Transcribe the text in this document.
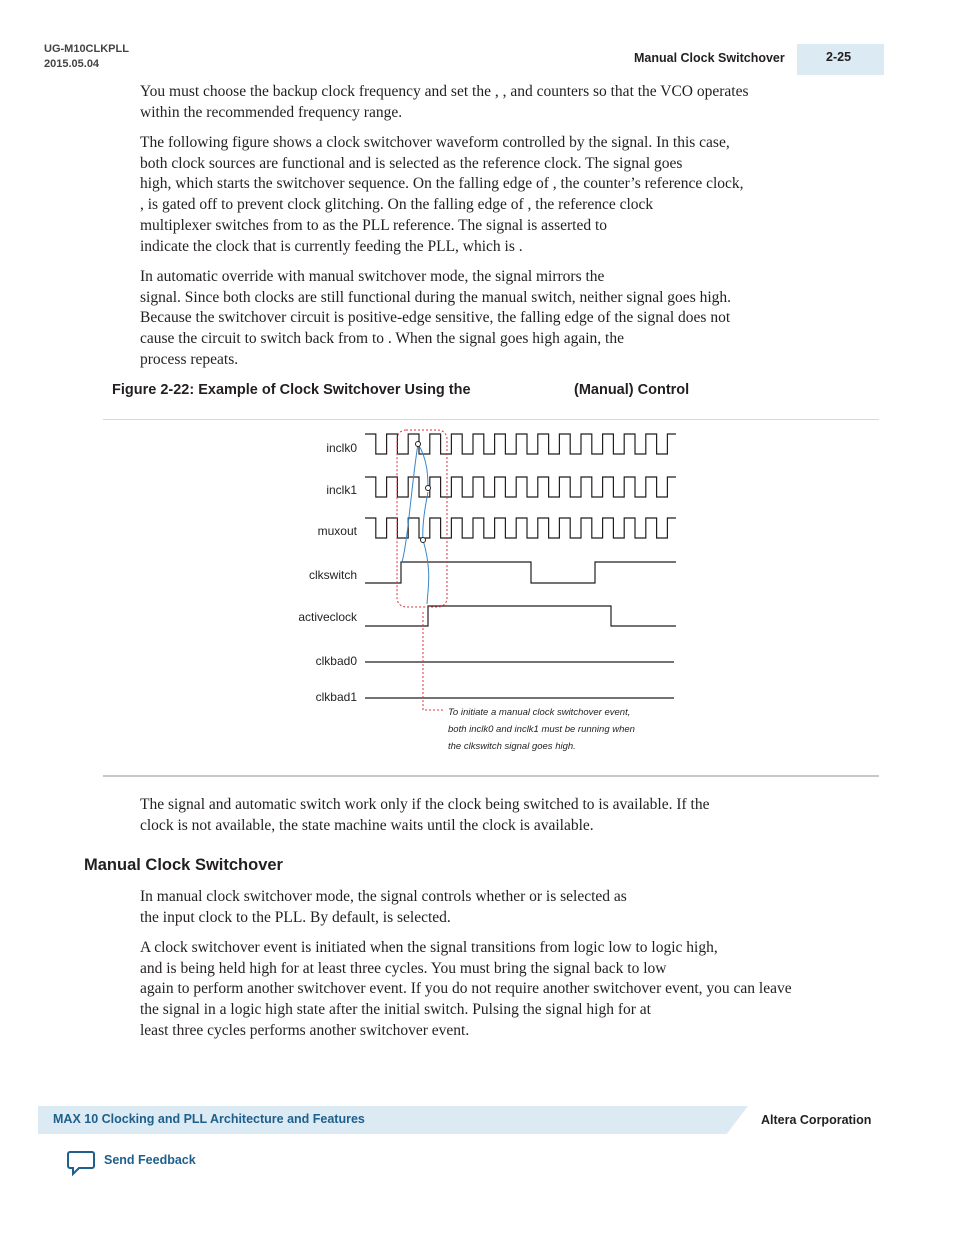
UG-M10CLKPLL
2015.05.04	Manual Clock Switchover	2-25
You must choose the backup clock frequency and set the , , and counters so that the VCO operates
within the recommended frequency range.
The following figure shows a clock switchover waveform controlled by the signal. In this case,
both clock sources are functional and is selected as the reference clock. The signal goes
high, which starts the switchover sequence. On the falling edge of , the counter’s reference clock,
, is gated off to prevent clock glitching. On the falling edge of , the reference clock
multiplexer switches from to as the PLL reference. The signal is asserted to
indicate the clock that is currently feeding the PLL, which is .
In automatic override with manual switchover mode, the signal mirrors the
signal. Since both clocks are still functional during the manual switch, neither signal goes high.
Because the switchover circuit is positive-edge sensitive, the falling edge of the signal does not
cause the circuit to switch back from to . When the signal goes high again, the
process repeats.
Figure 2-22: Example of Clock Switchover Using the	(Manual) Control
inclk0
inclk1
muxout
clkswitch
activeclock
clkbad0
clkbad1
To initiate a manual clock switchover event,
both inclk0 and inclk1 must be running when
the clkswitch signal goes high.
The signal and automatic switch work only if the clock being switched to is available. If the
clock is not available, the state machine waits until the clock is available.
Manual Clock Switchover
In manual clock switchover mode, the signal controls whether or is selected as
the input clock to the PLL. By default, is selected.
A clock switchover event is initiated when the signal transitions from logic low to logic high,
and is being held high for at least three cycles. You must bring the signal back to low
again to perform another switchover event. If you do not require another switchover event, you can leave
the signal in a logic high state after the initial switch. Pulsing the signal high for at
least three cycles performs another switchover event.
MAX 10 Clocking and PLL Architecture and Features	Altera Corporation
Send Feedback
